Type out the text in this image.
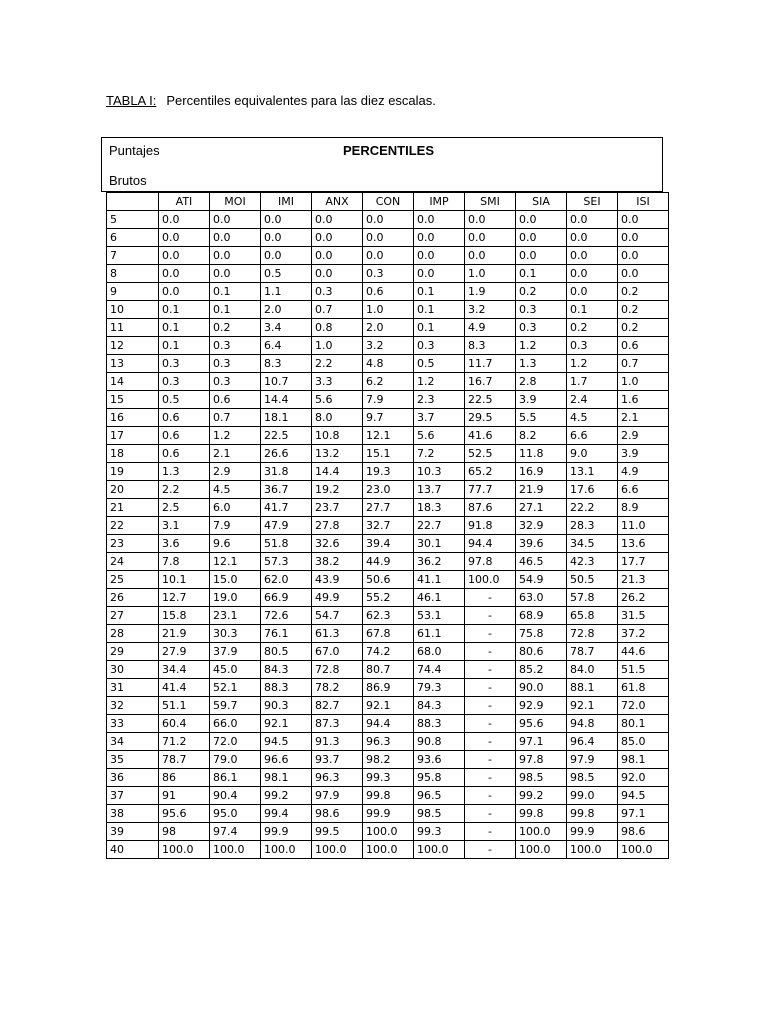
TABLA I: Percentiles equivalentes para las diez escalas.
Puntajes	PERCENTILES
Brutos
	ATI	MOI	IMI	ANX	CON	IMP	SMI	SIA	SEI	ISI
5	0.0	0.0	0.0	0.0	0.0	0.0	0.0	0.0	0.0	0.0
6	0.0	0.0	0.0	0.0	0.0	0.0	0.0	0.0	0.0	0.0
7	0.0	0.0	0.0	0.0	0.0	0.0	0.0	0.0	0.0	0.0
8	0.0	0.0	0.5	0.0	0.3	0.0	1.0	0.1	0.0	0.0
9	0.0	0.1	1.1	0.3	0.6	0.1	1.9	0.2	0.0	0.2
10	0.1	0.1	2.0	0.7	1.0	0.1	3.2	0.3	0.1	0.2
11	0.1	0.2	3.4	0.8	2.0	0.1	4.9	0.3	0.2	0.2
12	0.1	0.3	6.4	1.0	3.2	0.3	8.3	1.2	0.3	0.6
13	0.3	0.3	8.3	2.2	4.8	0.5	11.7	1.3	1.2	0.7
14	0.3	0.3	10.7	3.3	6.2	1.2	16.7	2.8	1.7	1.0
15	0.5	0.6	14.4	5.6	7.9	2.3	22.5	3.9	2.4	1.6
16	0.6	0.7	18.1	8.0	9.7	3.7	29.5	5.5	4.5	2.1
17	0.6	1.2	22.5	10.8	12.1	5.6	41.6	8.2	6.6	2.9
18	0.6	2.1	26.6	13.2	15.1	7.2	52.5	11.8	9.0	3.9
19	1.3	2.9	31.8	14.4	19.3	10.3	65.2	16.9	13.1	4.9
20	2.2	4.5	36.7	19.2	23.0	13.7	77.7	21.9	17.6	6.6
21	2.5	6.0	41.7	23.7	27.7	18.3	87.6	27.1	22.2	8.9
22	3.1	7.9	47.9	27.8	32.7	22.7	91.8	32.9	28.3	11.0
23	3.6	9.6	51.8	32.6	39.4	30.1	94.4	39.6	34.5	13.6
24	7.8	12.1	57.3	38.2	44.9	36.2	97.8	46.5	42.3	17.7
25	10.1	15.0	62.0	43.9	50.6	41.1	100.0	54.9	50.5	21.3
26	12.7	19.0	66.9	49.9	55.2	46.1	-	63.0	57.8	26.2
27	15.8	23.1	72.6	54.7	62.3	53.1	-	68.9	65.8	31.5
28	21.9	30.3	76.1	61.3	67.8	61.1	-	75.8	72.8	37.2
29	27.9	37.9	80.5	67.0	74.2	68.0	-	80.6	78.7	44.6
30	34.4	45.0	84.3	72.8	80.7	74.4	-	85.2	84.0	51.5
31	41.4	52.1	88.3	78.2	86.9	79.3	-	90.0	88.1	61.8
32	51.1	59.7	90.3	82.7	92.1	84.3	-	92.9	92.1	72.0
33	60.4	66.0	92.1	87.3	94.4	88.3	-	95.6	94.8	80.1
34	71.2	72.0	94.5	91.3	96.3	90.8	-	97.1	96.4	85.0
35	78.7	79.0	96.6	93.7	98.2	93.6	-	97.8	97.9	98.1
36	86	86.1	98.1	96.3	99.3	95.8	-	98.5	98.5	92.0
37	91	90.4	99.2	97.9	99.8	96.5	-	99.2	99.0	94.5
38	95.6	95.0	99.4	98.6	99.9	98.5	-	99.8	99.8	97.1
39	98	97.4	99.9	99.5	100.0	99.3	-	100.0	99.9	98.6
40	100.0	100.0	100.0	100.0	100.0	100.0	-	100.0	100.0	100.0
